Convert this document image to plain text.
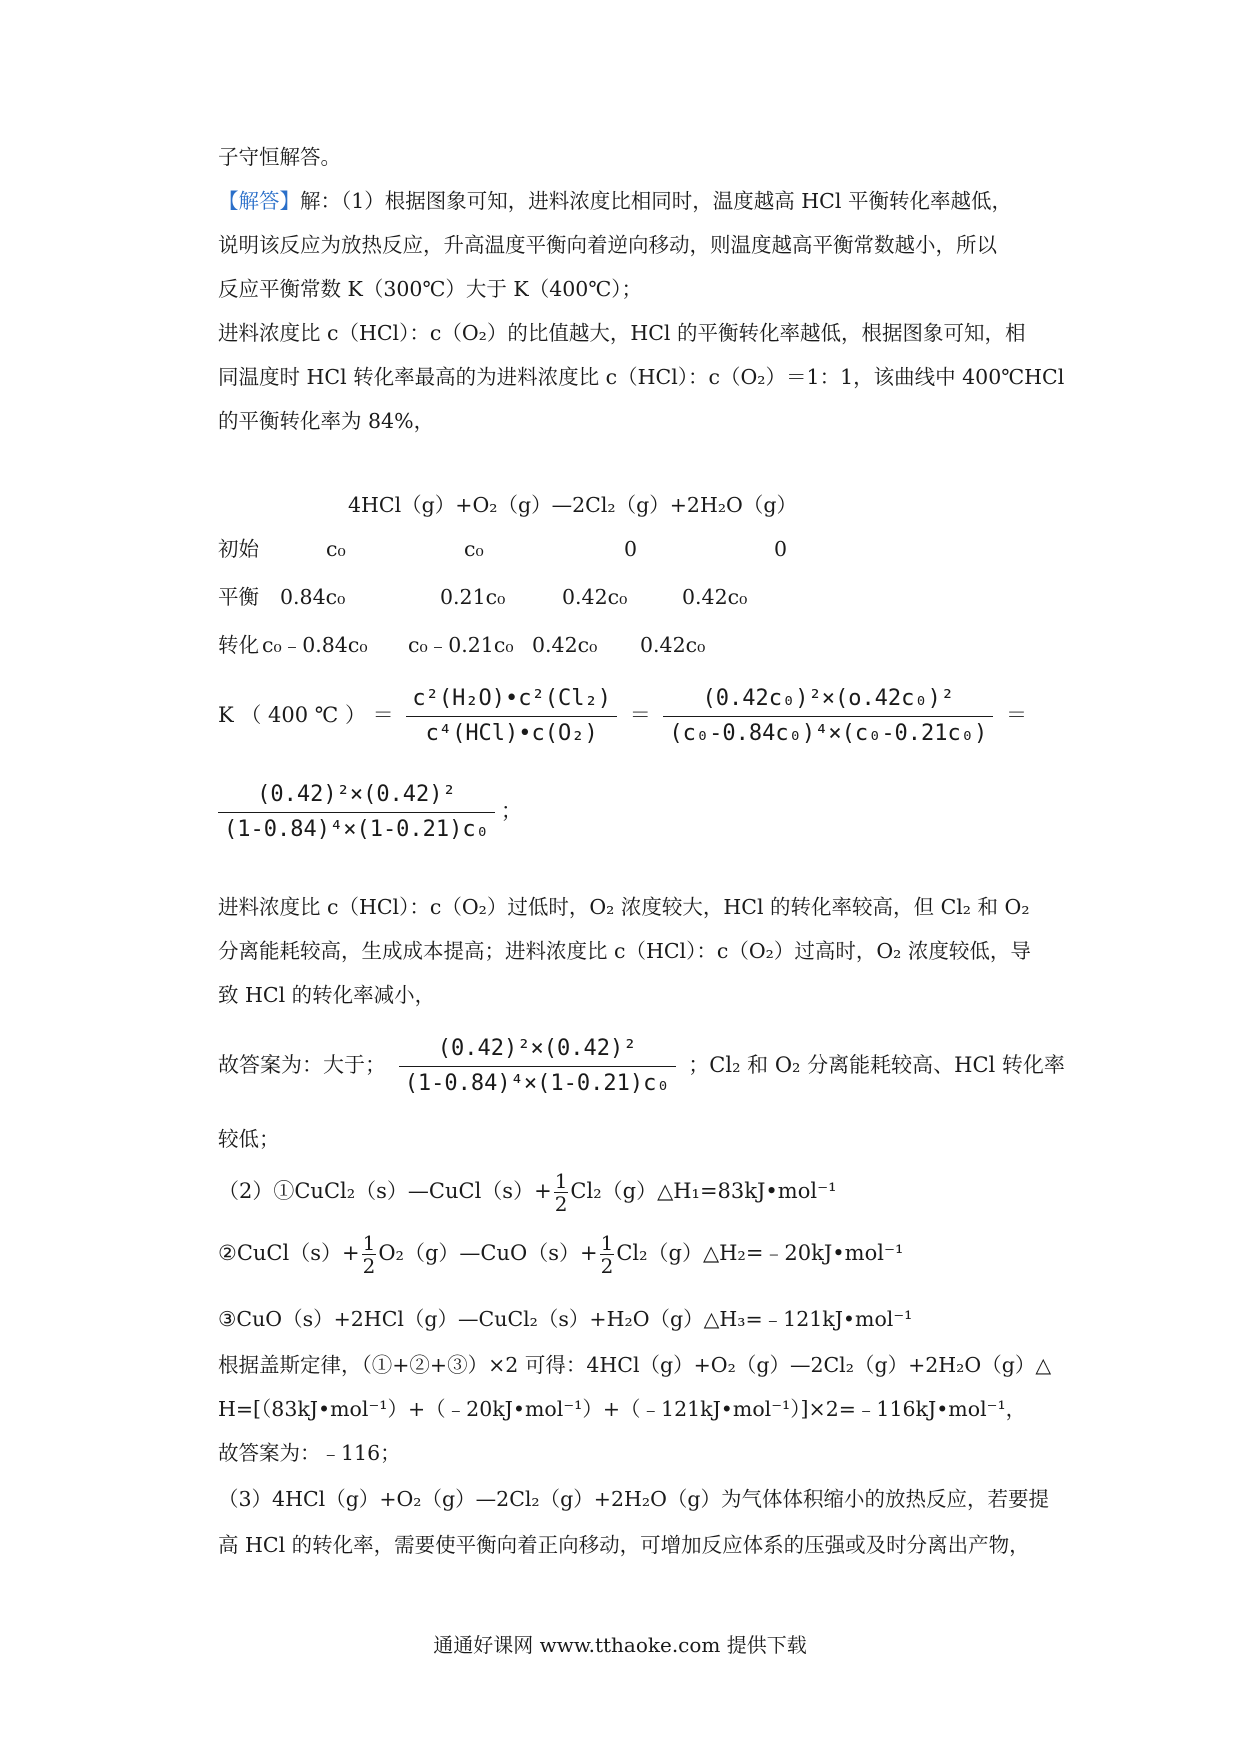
子守恒解答。
【解答】解：（1）根据图象可知，进料浓度比相同时，温度越高 HCl 平衡转化率越低，
说明该反应为放热反应，升高温度平衡向着逆向移动，则温度越高平衡常数越小，所以
反应平衡常数 K（300℃）大于 K（400℃）；
进料浓度比 c（HCl）：c（O₂）的比值越大，HCl 的平衡转化率越低，根据图象可知，相
同温度时 HCl 转化率最高的为进料浓度比 c（HCl）：c（O₂）＝1：1，该曲线中 400℃HCl
的平衡转化率为 84%，
4HCl（g）+O₂（g）—2Cl₂（g）+2H₂O（g）
初始	c₀	c₀	0	0
平衡 0.84c₀	0.21c₀	0.42c₀	0.42c₀
转化 c₀﹣0.84c₀ c₀﹣0.21c₀ 0.42c₀ 0.42c₀
K （ 400 ℃ ） ＝ $\frac{\text{c²(H₂O)•c²(Cl₂)}}{\text{c⁴(HCl)•c(O₂)}} = \frac{\text{(0.42c₀)²×(o.42c₀)²}}{\text{(c₀-0.84c₀)⁴×(c₀-0.21c₀)}}$ ＝
$\frac{\text{(0.42)²×(0.42)²}}{\text{(1-0.84)⁴×(1-0.21)c₀}}$ ；
进料浓度比 c（HCl）：c（O₂）过低时，O₂ 浓度较大，HCl 的转化率较高，但 Cl₂ 和 O₂
分离能耗较高，生成成本提高；进料浓度比 c（HCl）：c（O₂）过高时，O₂ 浓度较低，导
致 HCl 的转化率减小，
故答案为：大于； $\frac{\text{(0.42)²×(0.42)²}}{\text{(1-0.84)⁴×(1-0.21)c₀}}$ ；Cl₂ 和 O₂ 分离能耗较高、HCl 转化率
较低；
（2）①CuCl₂（s）—CuCl（s）+ $\frac{1}{2}$ Cl₂（g）△H₁=83kJ•mol⁻¹
②CuCl（s）+ $\frac{1}{2}$ O₂（g）—CuO（s）+ $\frac{1}{2}$ Cl₂（g）△H₂=﹣20kJ•mol⁻¹
③CuO（s）+2HCl（g）—CuCl₂（s）+H₂O（g）△H₃=﹣121kJ•mol⁻¹
根据盖斯定律，（①+②+③）×2 可得：4HCl（g）+O₂（g）—2Cl₂（g）+2H₂O（g）△
H=[（83kJ•mol⁻¹）+（﹣20kJ•mol⁻¹）+（﹣121kJ•mol⁻¹）]×2=﹣116kJ•mol⁻¹，
故答案为：﹣116；
（3）4HCl（g）+O₂（g）—2Cl₂（g）+2H₂O（g）为气体体积缩小的放热反应，若要提
高 HCl 的转化率，需要使平衡向着正向移动，可增加反应体系的压强或及时分离出产物，
通通好课网 www.tthaoke.com 提供下载
